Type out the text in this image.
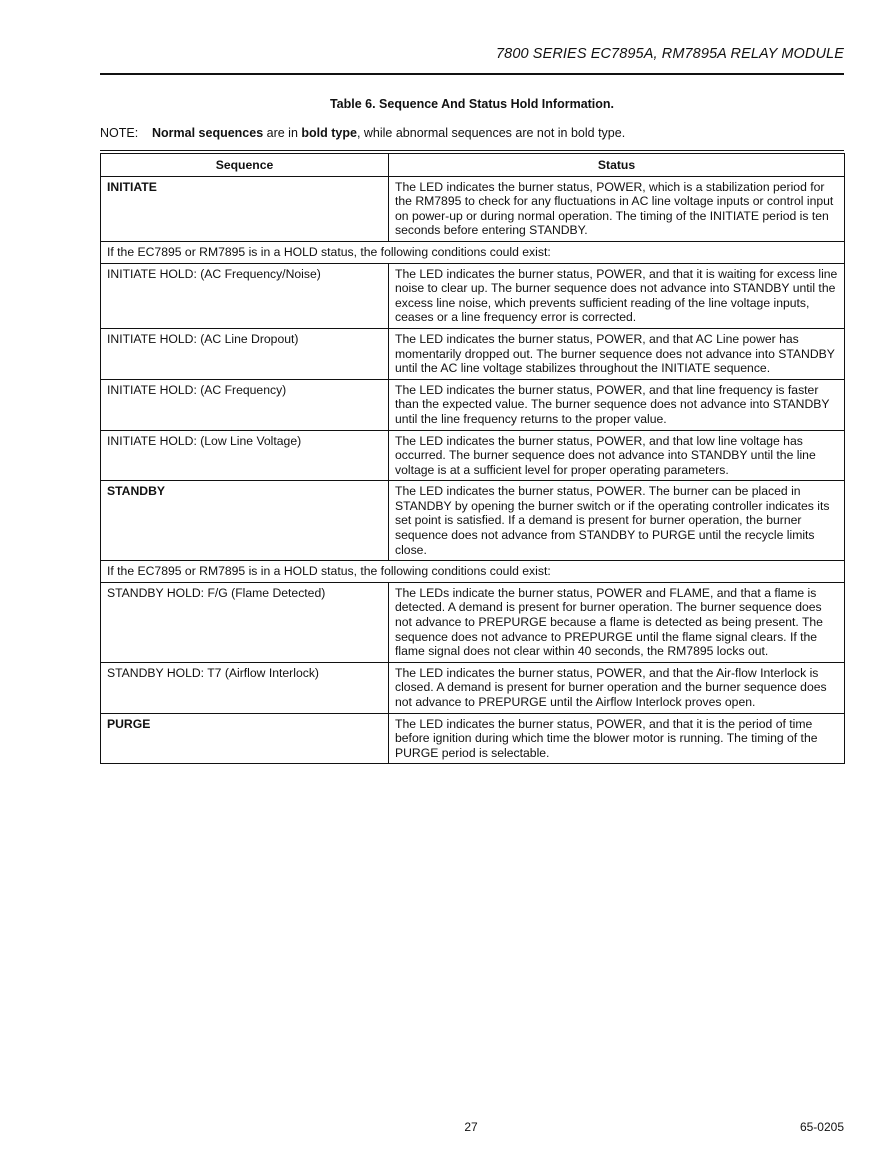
7800 SERIES EC7895A, RM7895A RELAY MODULE
Table 6. Sequence And Status Hold Information.
NOTE: Normal sequences are in bold type, while abnormal sequences are not in bold type.
Sequence	Status
INITIATE	The LED indicates the burner status, POWER, which is a stabilization period for the RM7895 to check for any fluctuations in AC line voltage inputs or control input on power-up or during normal operation. The timing of the INITIATE period is ten seconds before entering STANDBY.
If the EC7895 or RM7895 is in a HOLD status, the following conditions could exist:	
INITIATE HOLD: (AC Frequency/Noise)	The LED indicates the burner status, POWER, and that it is waiting for excess line noise to clear up. The burner sequence does not advance into STANDBY until the excess line noise, which prevents sufficient reading of the line voltage inputs, ceases or a line frequency error is corrected.
INITIATE HOLD: (AC Line Dropout)	The LED indicates the burner status, POWER, and that AC Line power has momentarily dropped out. The burner sequence does not advance into STANDBY until the AC line voltage stabilizes throughout the INITIATE sequence.
INITIATE HOLD: (AC Frequency)	The LED indicates the burner status, POWER, and that line frequency is faster than the expected value. The burner sequence does not advance into STANDBY until the line frequency returns to the proper value.
INITIATE HOLD: (Low Line Voltage)	The LED indicates the burner status, POWER, and that low line voltage has occurred. The burner sequence does not advance into STANDBY until the line voltage is at a sufficient level for proper operating parameters.
STANDBY	The LED indicates the burner status, POWER. The burner can be placed in STANDBY by opening the burner switch or if the operating controller indicates its set point is satisfied. If a demand is present for burner operation, the burner sequence does not advance from STANDBY to PURGE until the recycle limits close.
If the EC7895 or RM7895 is in a HOLD status, the following conditions could exist:	
STANDBY HOLD: F/G (Flame Detected)	The LEDs indicate the burner status, POWER and FLAME, and that a flame is detected. A demand is present for burner operation. The burner sequence does not advance to PREPURGE because a flame is detected as being present. The sequence does not advance to PREPURGE until the flame signal clears. If the flame signal does not clear within 40 seconds, the RM7895 locks out.
STANDBY HOLD: T7 (Airflow Interlock)	The LED indicates the burner status, POWER, and that the Air-flow Interlock is closed. A demand is present for burner operation and the burner sequence does not advance to PREPURGE until the Airflow Interlock proves open.
PURGE	The LED indicates the burner status, POWER, and that it is the period of time before ignition during which time the blower motor is running. The timing of the PURGE period is selectable.
27	65-0205
